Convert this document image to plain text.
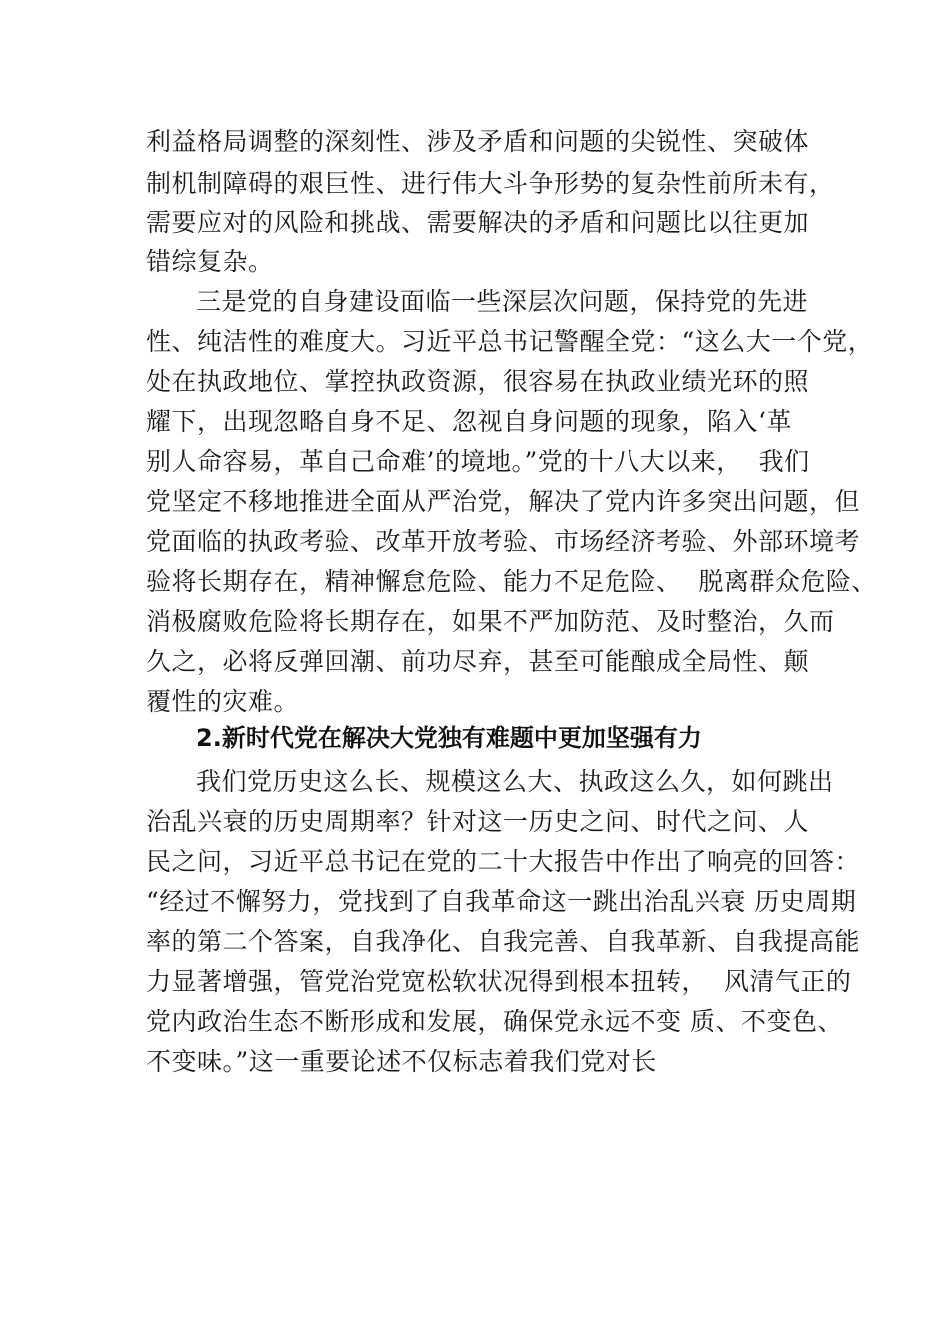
利益格局调整的深刻性、涉及矛盾和问题的尖锐性、突破体

制机制障碍的艰巨性、进行伟大斗争形势的复杂性前所未有，

需要应对的风险和挑战、需要解决的矛盾和问题比以往更加

错综复杂。

三是党的自身建设面临一些深层次问题，保持党的先进

性、纯洁性的难度大。习近平总书记警醒全党：“这么大一个党，

处在执政地位、掌控执政资源，很容易在执政业绩光环的照

耀下，出现忽略自身不足、忽视自身问题的现象，陷入‘革

别人命容易，革自己命难’的境地。”党的十八大以来，  我们

党坚定不移地推进全面从严治党，解决了党内许多突出问题，但

党面临的执政考验、改革开放考验、市场经济考验、外部环境考

验将长期存在，精神懈怠危险、能力不足危险、  脱离群众危险、

消极腐败危险将长期存在，如果不严加防范、及时整治，久而

久之，必将反弹回潮、前功尽弃，甚至可能酿成全局性、颠

覆性的灾难。

2.新时代党在解决大党独有难题中更加坚强有力

我们党历史这么长、规模这么大、执政这么久，如何跳出

治乱兴衰的历史周期率？针对这一历史之问、时代之问、人

民之问，习近平总书记在党的二十大报告中作出了响亮的回答：

“经过不懈努力，党找到了自我革命这一跳出治乱兴衰 历史周期

率的第二个答案，自我净化、自我完善、自我革新、自我提高能

力显著增强，管党治党宽松软状况得到根本扭转，  风清气正的

党内政治生态不断形成和发展，确保党永远不变 质、不变色、

不变味。”这一重要论述不仅标志着我们党对长
